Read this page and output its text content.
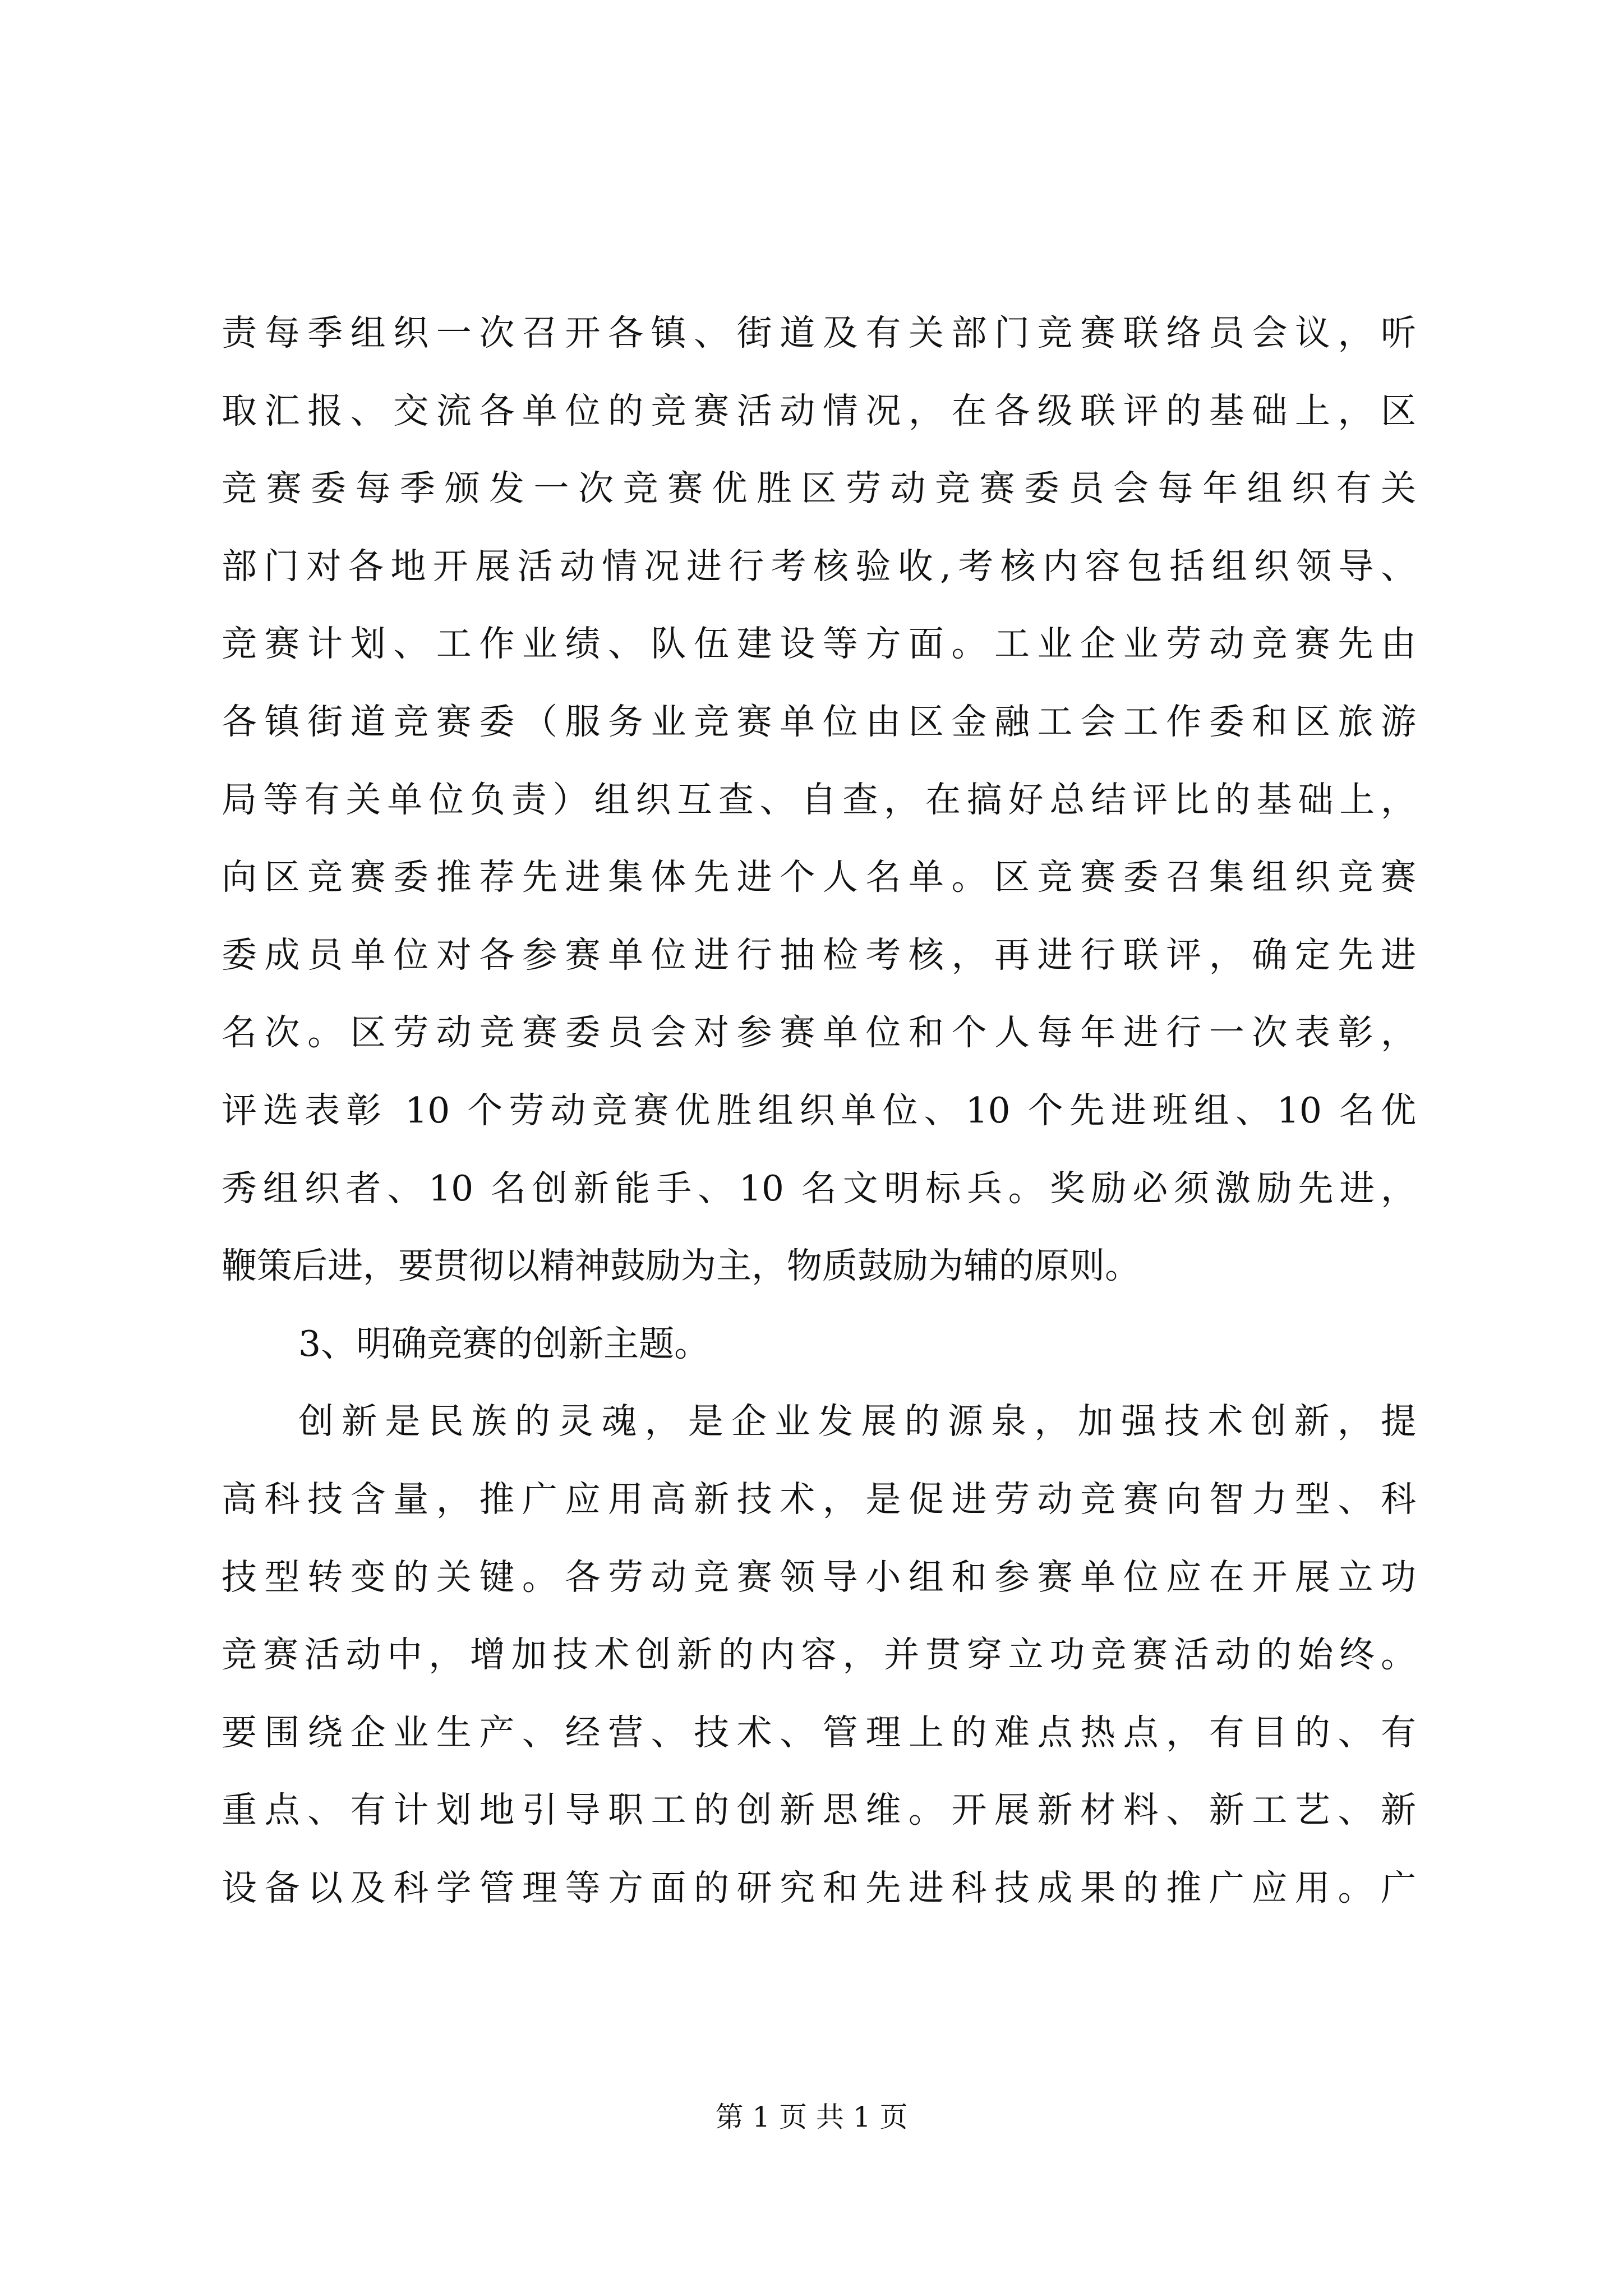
责每季组织一次召开各镇、街道及有关部门竞赛联络员会议，听
取汇报、交流各单位的竞赛活动情况，在各级联评的基础上，区
竞赛委每季颁发一次竞赛优胜区劳动竞赛委员会每年组织有关
部门对各地开展活动情况进行考核验收,考核内容包括组织领导、
竞赛计划、工作业绩、队伍建设等方面。工业企业劳动竞赛先由
各镇街道竞赛委（服务业竞赛单位由区金融工会工作委和区旅游
局等有关单位负责）组织互查、自查，在搞好总结评比的基础上，
向区竞赛委推荐先进集体先进个人名单。区竞赛委召集组织竞赛
委成员单位对各参赛单位进行抽检考核，再进行联评，确定先进
名次。区劳动竞赛委员会对参赛单位和个人每年进行一次表彰，
评选表彰 10 个劳动竞赛优胜组织单位、10 个先进班组、10 名优
秀组织者、10 名创新能手、10 名文明标兵。奖励必须激励先进，
鞭策后进，要贯彻以精神鼓励为主，物质鼓励为辅的原则。
3、明确竞赛的创新主题。
创新是民族的灵魂，是企业发展的源泉，加强技术创新，提
高科技含量，推广应用高新技术，是促进劳动竞赛向智力型、科
技型转变的关键。各劳动竞赛领导小组和参赛单位应在开展立功
竞赛活动中，增加技术创新的内容，并贯穿立功竞赛活动的始终。
要围绕企业生产、经营、技术、管理上的难点热点，有目的、有
重点、有计划地引导职工的创新思维。开展新材料、新工艺、新
设备以及科学管理等方面的研究和先进科技成果的推广应用。广
第 1 页 共 1 页
